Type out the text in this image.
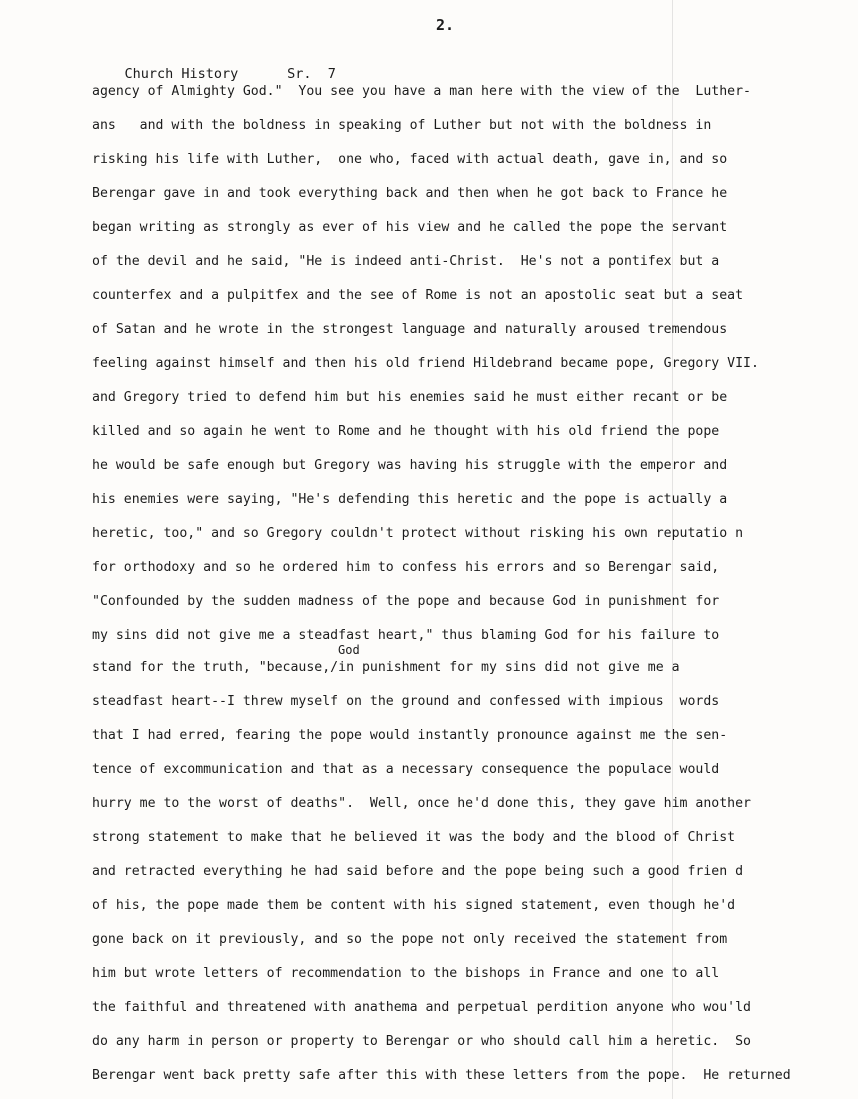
2.

Church History	Sr. 7

God
agency of Almighty God."  You see you have a man here with the view of the  Luther-
ans   and with the boldness in speaking of Luther but not with the boldness in
risking his life with Luther,  one who, faced with actual death, gave in, and so
Berengar gave in and took everything back and then when he got back to France he
began writing as strongly as ever of his view and he called the pope the servant
of the devil and he said, "He is indeed anti-Christ.  He's not a pontifex but a
counterfex and a pulpitfex and the see of Rome is not an apostolic seat but a seat
of Satan and he wrote in the strongest language and naturally aroused tremendous
feeling against himself and then his old friend Hildebrand became pope, Gregory VII.
and Gregory tried to defend him but his enemies said he must either recant or be
killed and so again he went to Rome and he thought with his old friend the pope
he would be safe enough but Gregory was having his struggle with the emperor and
his enemies were saying, "He's defending this heretic and the pope is actually a
heretic, too," and so Gregory couldn't protect without risking his own reputatio n
for orthodoxy and so he ordered him to confess his errors and so Berengar said,
"Confounded by the sudden madness of the pope and because God in punishment for
my sins did not give me a steadfast heart," thus blaming God for his failure to
stand for the truth, "because,/in punishment for my sins did not give me a
steadfast heart--I threw myself on the ground and confessed with impious  words
that I had erred, fearing the pope would instantly pronounce against me the sen-
tence of excommunication and that as a necessary consequence the populace would
hurry me to the worst of deaths".  Well, once he'd done this, they gave him another
strong statement to make that he believed it was the body and the blood of Christ
and retracted everything he had said before and the pope being such a good frien d
of his, the pope made them be content with his signed statement, even though he'd
gone back on it previously, and so the pope not only received the statement from
him but wrote letters of recommendation to the bishops in France and one to all
the faithful and threatened with anathema and perpetual perdition anyone who wou'ld
do any harm in person or property to Berengar or who should call him a heretic.  So
Berengar went back pretty safe after this with these letters from the pope.  He returned
